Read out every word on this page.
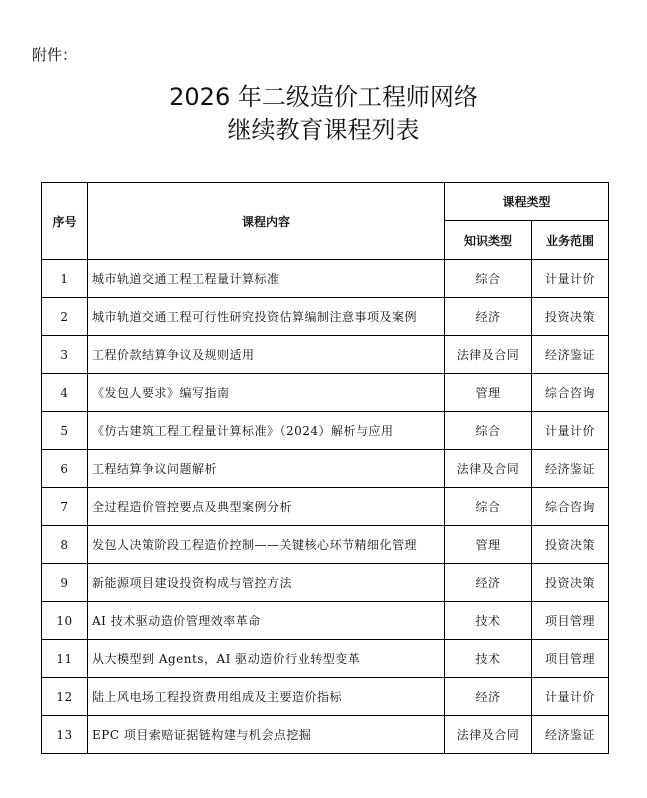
附件：
2026 年二级造价工程师网络
继续教育课程列表
序号	课程内容	课程类型	
		知识类型	业务范围
1	城市轨道交通工程工程量计算标准	综合	计量计价
2	城市轨道交通工程可行性研究投资估算编制注意事项及案例	经济	投资决策
3	工程价款结算争议及规则适用	法律及合同	经济鉴证
4	《发包人要求》编写指南	管理	综合咨询
5	《仿古建筑工程工程量计算标准》（2024）解析与应用	综合	计量计价
6	工程结算争议问题解析	法律及合同	经济鉴证
7	全过程造价管控要点及典型案例分析	综合	综合咨询
8	发包人决策阶段工程造价控制——关键核心环节精细化管理	管理	投资决策
9	新能源项目建设投资构成与管控方法	经济	投资决策
10	AI 技术驱动造价管理效率革命	技术	项目管理
11	从大模型到 Agents，AI 驱动造价行业转型变革	技术	项目管理
12	陆上风电场工程投资费用组成及主要造价指标	经济	计量计价
13	EPC 项目索赔证据链构建与机会点挖掘	法律及合同	经济鉴证
